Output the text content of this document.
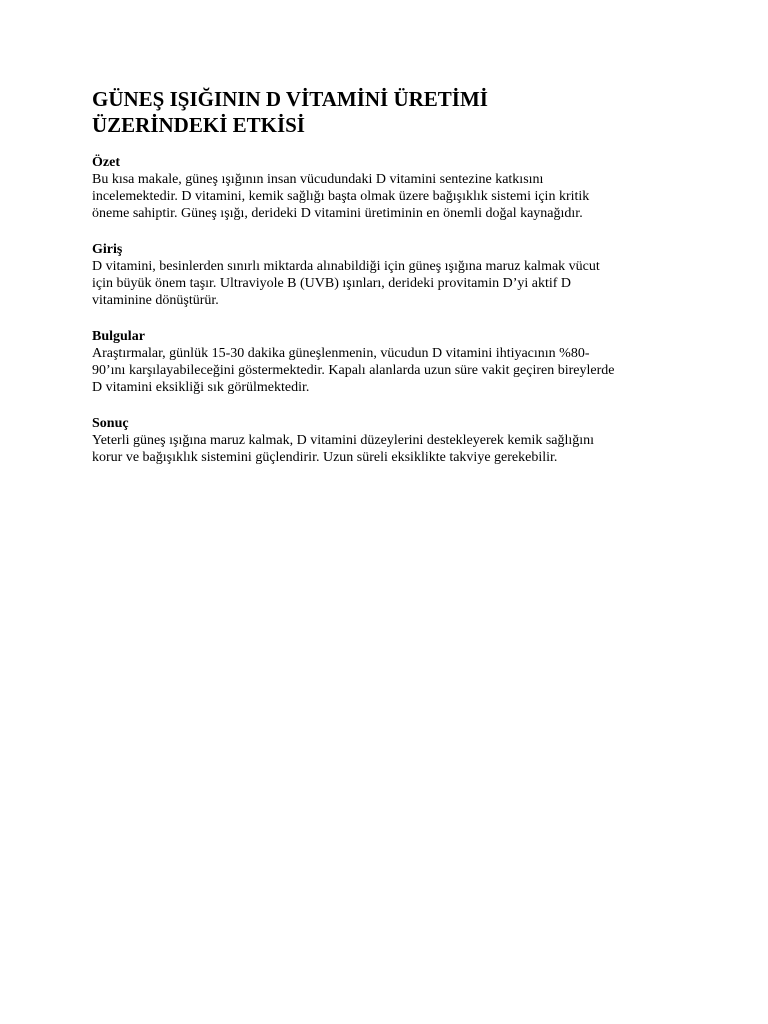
GÜNEŞ IŞIĞININ D VİTAMİNİ ÜRETİMİ
ÜZERİNDEKİ ETKİSİ
Özet
Bu kısa makale, güneş ışığının insan vücudundaki D vitamini sentezine katkısını
incelemektedir. D vitamini, kemik sağlığı başta olmak üzere bağışıklık sistemi için kritik
öneme sahiptir. Güneş ışığı, derideki D vitamini üretiminin en önemli doğal kaynağıdır.
Giriş
D vitamini, besinlerden sınırlı miktarda alınabildiği için güneş ışığına maruz kalmak vücut
için büyük önem taşır. Ultraviyole B (UVB) ışınları, derideki provitamin D’yi aktif D
vitaminine dönüştürür.
Bulgular
Araştırmalar, günlük 15-30 dakika güneşlenmenin, vücudun D vitamini ihtiyacının %80-
90’ını karşılayabileceğini göstermektedir. Kapalı alanlarda uzun süre vakit geçiren bireylerde
D vitamini eksikliği sık görülmektedir.
Sonuç
Yeterli güneş ışığına maruz kalmak, D vitamini düzeylerini destekleyerek kemik sağlığını
korur ve bağışıklık sistemini güçlendirir. Uzun süreli eksiklikte takviye gerekebilir.
